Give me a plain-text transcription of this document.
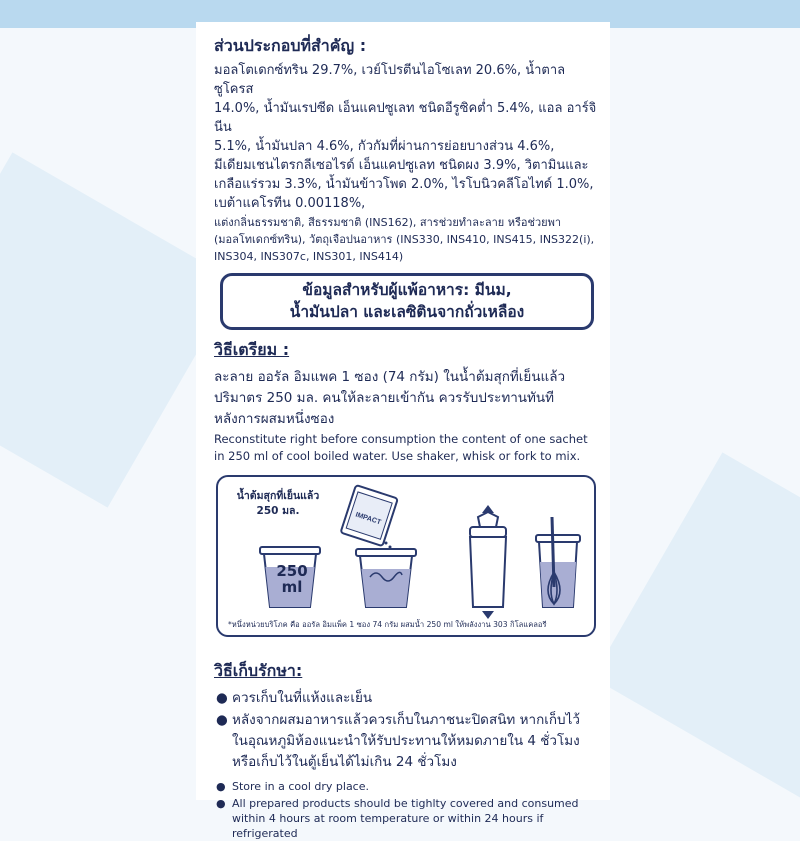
ส่วนประกอบที่สำคัญ :
มอลโตเดกซ์ทริน 29.7%, เวย์โปรตีนไอโซเลท 20.6%, น้ำตาลซูโครส
14.0%, น้ำมันเรปซีด เอ็นแคปซูเลท ชนิดอีรูซิคต่ำ 5.4%, แอล อาร์จินีน
5.1%, น้ำมันปลา 4.6%, กัวกัมที่ผ่านการย่อยบางส่วน 4.6%,
มีเดียมเชนไตรกลีเซอไรด์ เอ็นแคปซูเลท ชนิดผง 3.9%, วิตามินและ
เกลือแร่รวม 3.3%, น้ำมันข้าวโพด 2.0%, ไรโบนิวคลีโอไทด์ 1.0%,
เบต้าแคโรทีน 0.00118%,
แต่งกลิ่นธรรมชาติ, สีธรรมชาติ (INS162), สารช่วยทำละลาย หรือช่วยพา
(มอลโทเดกซ์ทริน), วัตถุเจือปนอาหาร (INS330, INS410, INS415, INS322(i),
INS304, INS307c, INS301, INS414)
ข้อมูลสำหรับผู้แพ้อาหาร: มีนม,
น้ำมันปลา และเลซิตินจากถั่วเหลือง
วิธีเตรียม :
ละลาย ออรัล อิมแพค 1 ซอง (74 กรัม) ในน้ำต้มสุกที่เย็นแล้ว
ปริมาตร 250 มล. คนให้ละลายเข้ากัน ควรรับประทานทันที
หลังการผสมหนึ่งซอง
Reconstitute right before consumption the content of one sachet
in 250 ml of cool boiled water. Use shaker, whisk or fork to mix.
IMPACT
น้ำต้มสุกที่เย็นแล้ว
250 มล.
250
ml
*หนึ่งหน่วยบริโภค คือ ออรัล อิมแพ็ค 1 ซอง 74 กรัม ผสมน้ำ 250 ml ให้พลังงาน 303 กิโลแคลอรี
วิธีเก็บรักษา:
● ควรเก็บในที่แห้งและเย็น
● หลังจากผสมอาหารแล้วควรเก็บในภาชนะปิดสนิท หากเก็บไว้
ในอุณหภูมิห้องแนะนำให้รับประทานให้หมดภายใน 4 ชั่วโมง
หรือเก็บไว้ในตู้เย็นได้ไม่เกิน 24 ชั่วโมง
● Store in a cool dry place.
● All prepared products should be tighlty covered and consumed
within 4 hours at room temperature or within 24 hours if
refrigerated
